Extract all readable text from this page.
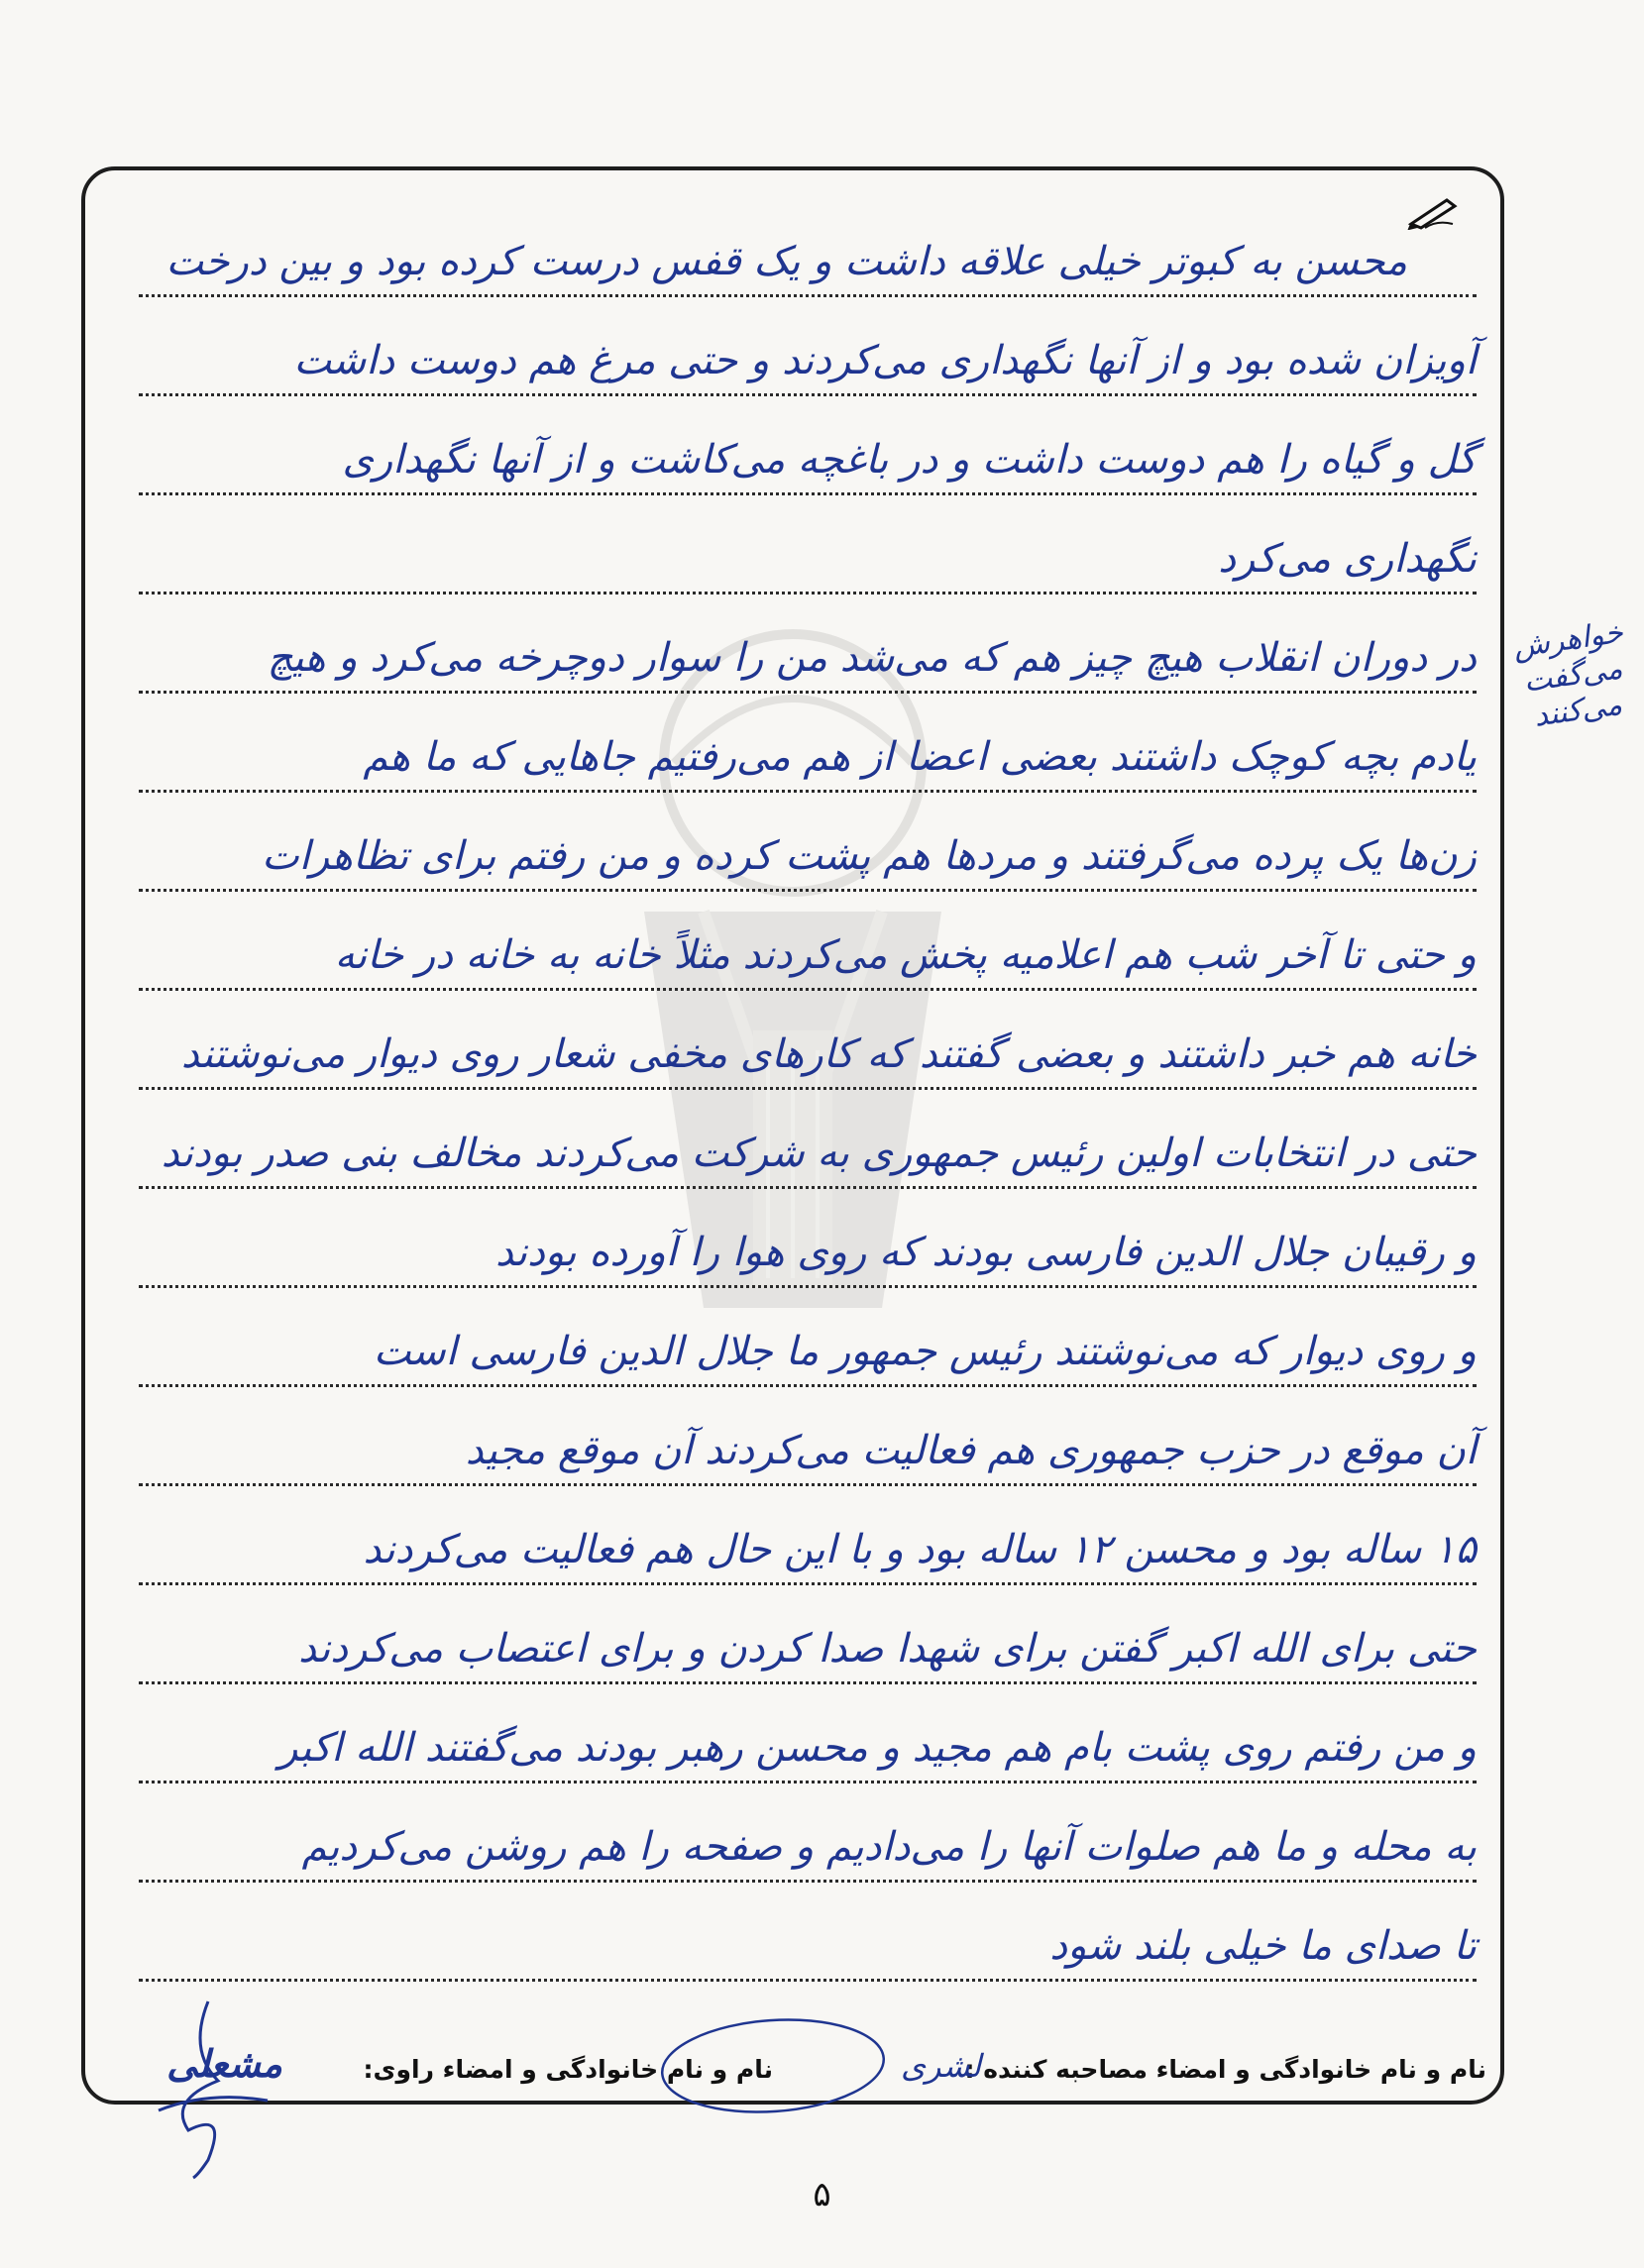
محسن به کبوتر خیلی علاقه داشت و یک قفس درست کرده بود و بین درخت
آویزان شده بود و از آنها نگهداری می‌کردند و حتی مرغ هم دوست داشت
گل و گیاه را هم دوست داشت و در باغچه می‌کاشت و از آنها نگهداری
نگهداری می‌کرد
در دوران انقلاب هیچ چیز هم که می‌شد من را سوار دوچرخه می‌کرد و هیچ
یادم بچه کوچک داشتند بعضی اعضا از هم می‌رفتیم جاهایی که ما هم
زن‌ها یک پرده می‌گرفتند و مردها هم پشت کرده و من رفتم برای تظاهرات
و حتی تا آخر شب هم اعلامیه پخش می‌کردند مثلاً خانه به خانه در خانه
خانه هم خبر داشتند و بعضی گفتند که کارهای مخفی شعار روی دیوار می‌نوشتند
حتی در انتخابات اولین رئیس جمهوری به شرکت می‌کردند مخالف بنی صدر بودند
و رقیبان جلال الدین فارسی بودند که روی هوا را آورده بودند
و روی دیوار که می‌نوشتند رئیس جمهور ما جلال الدین فارسی است
آن موقع در حزب جمهوری هم فعالیت می‌کردند آن موقع مجید
۱۵ ساله بود و محسن ۱۲ ساله بود و با این حال هم فعالیت می‌کردند
حتی برای الله اکبر گفتن برای شهدا صدا کردن و برای اعتصاب می‌کردند
و من رفتم روی پشت بام هم مجید و محسن رهبر بودند می‌گفتند الله اکبر
به محله و ما هم صلوات آنها را می‌دادیم و صفحه را هم روشن می‌کردیم
تا صدای ما خیلی بلند شود
خواهرش می‌گفت می‌کنند
نام و نام خانوادگی و امضاء مصاحبه کننده :
لشری
نام و نام خانوادگی و امضاء راوی:
مشعلی
۵
